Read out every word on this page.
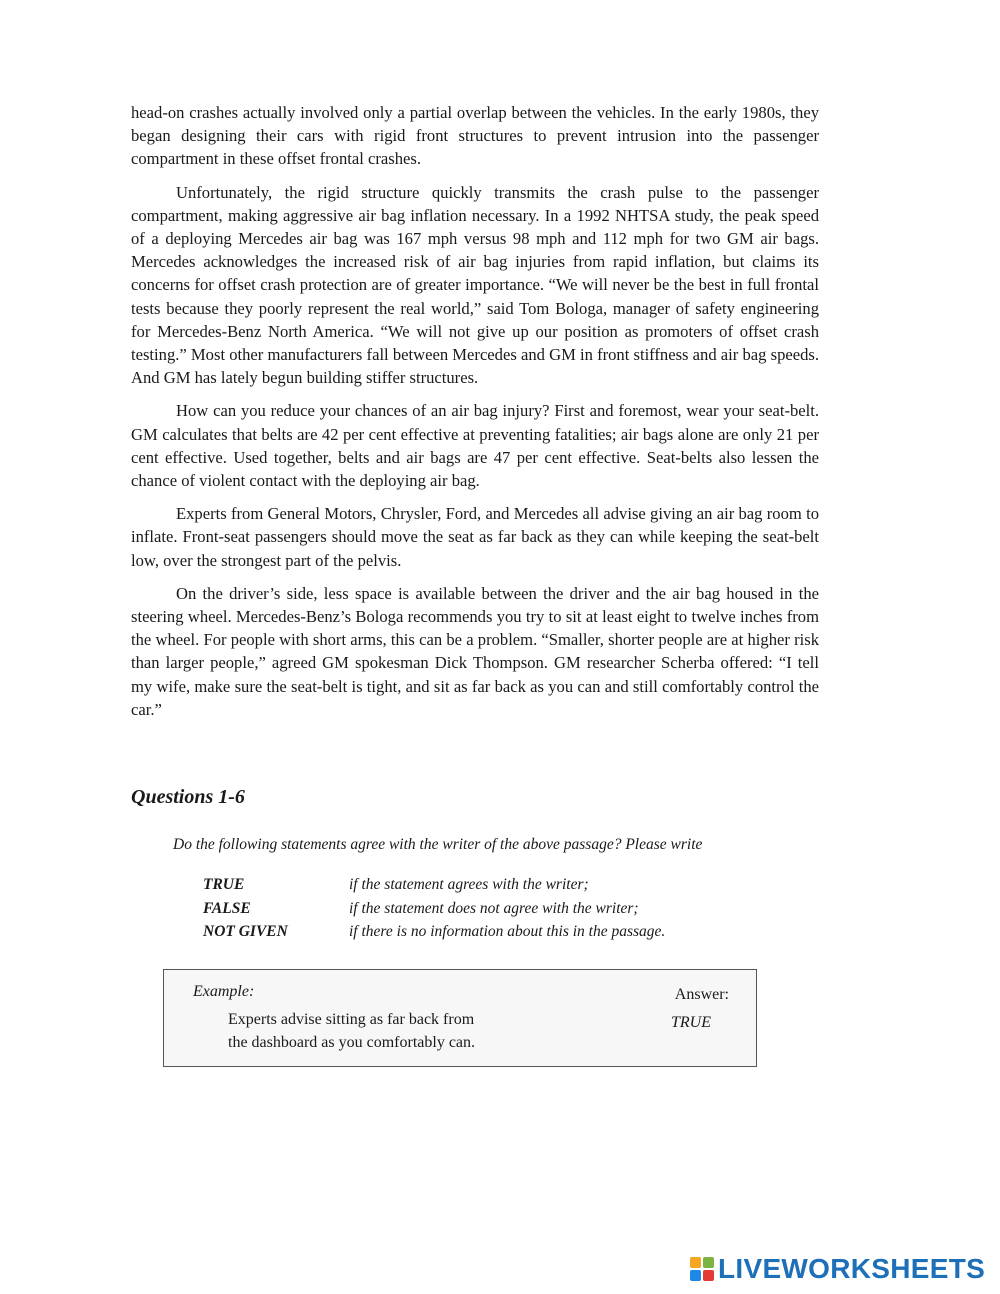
head-on crashes actually involved only a partial overlap between the vehicles. In the early 1980s, they began designing their cars with rigid front structures to prevent intrusion into the passenger compartment in these offset frontal crashes.

Unfortunately, the rigid structure quickly transmits the crash pulse to the passenger compartment, making aggressive air bag inflation necessary. In a 1992 NHTSA study, the peak speed of a deploying Mercedes air bag was 167 mph versus 98 mph and 112 mph for two GM air bags. Mercedes acknowledges the increased risk of air bag injuries from rapid inflation, but claims its concerns for offset crash protection are of greater importance. “We will never be the best in full frontal tests because they poorly represent the real world,” said Tom Bologa, manager of safety engineering for Mercedes-Benz North America. “We will not give up our position as promoters of offset crash testing.” Most other manufacturers fall between Mercedes and GM in front stiffness and air bag speeds. And GM has lately begun building stiffer structures.

How can you reduce your chances of an air bag injury? First and foremost, wear your seat-belt. GM calculates that belts are 42 per cent effective at preventing fatalities; air bags alone are only 21 per cent effective. Used together, belts and air bags are 47 per cent effective. Seat-belts also lessen the chance of violent contact with the deploying air bag.

Experts from General Motors, Chrysler, Ford, and Mercedes all advise giving an air bag room to inflate. Front-seat passengers should move the seat as far back as they can while keeping the seat-belt low, over the strongest part of the pelvis.

On the driver’s side, less space is available between the driver and the air bag housed in the steering wheel. Mercedes-Benz’s Bologa recommends you try to sit at least eight to twelve inches from the wheel. For people with short arms, this can be a problem. “Smaller, shorter people are at higher risk than larger people,” agreed GM spokesman Dick Thompson. GM researcher Scherba offered: “I tell my wife, make sure the seat-belt is tight, and sit as far back as you can and still comfortably control the car.”

Questions 1-6

Do the following statements agree with the writer of the above passage? Please write

TRUE	if the statement agrees with the writer;
FALSE	if the statement does not agree with the writer;
NOT GIVEN	if there is no information about this in the passage.
Example:	Answer:
Experts advise sitting as far back from
the dashboard as you comfortably can.
TRUE
LIVEWORKSHEETS
